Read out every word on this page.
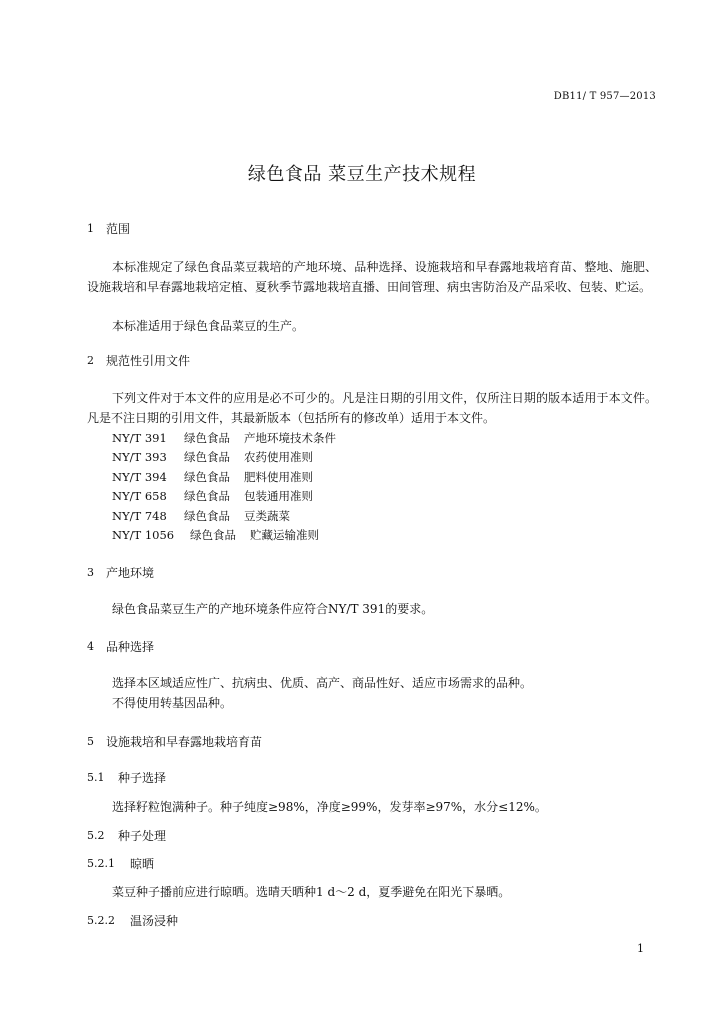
DB11/ T 957—2013
绿色食品 菜豆生产技术规程
1 范围
本标准规定了绿色食品菜豆栽培的产地环境、品种选择、设施栽培和早春露地栽培育苗、整地、施肥、设施栽培和早春露地栽培定植、夏秋季节露地栽培直播、田间管理、病虫害防治及产品采收、包装、贮运。
本标准适用于绿色食品菜豆的生产。
2 规范性引用文件
下列文件对于本文件的应用是必不可少的。凡是注日期的引用文件，仅所注日期的版本适用于本文件。凡是不注日期的引用文件，其最新版本（包括所有的修改单）适用于本文件。
NY/T 391	绿色食品	产地环境技术条件
NY/T 393	绿色食品	农药使用准则
NY/T 394	绿色食品	肥料使用准则
NY/T 658	绿色食品	包装通用准则
NY/T 748	绿色食品	豆类蔬菜
NY/T 1056	绿色食品	贮藏运输准则
3 产地环境
绿色食品菜豆生产的产地环境条件应符合NY/T 391的要求。
4 品种选择
选择本区域适应性广、抗病虫、优质、高产、商品性好、适应市场需求的品种。
不得使用转基因品种。
5 设施栽培和早春露地栽培育苗
5.1 种子选择
选择籽粒饱满种子。种子纯度≥98%，净度≥99%，发芽率≥97%，水分≤12%。
5.2 种子处理
5.2.1 晾晒
菜豆种子播前应进行晾晒。选晴天晒种1 d～2 d，夏季避免在阳光下暴晒。
5.2.2 温汤浸种
1
